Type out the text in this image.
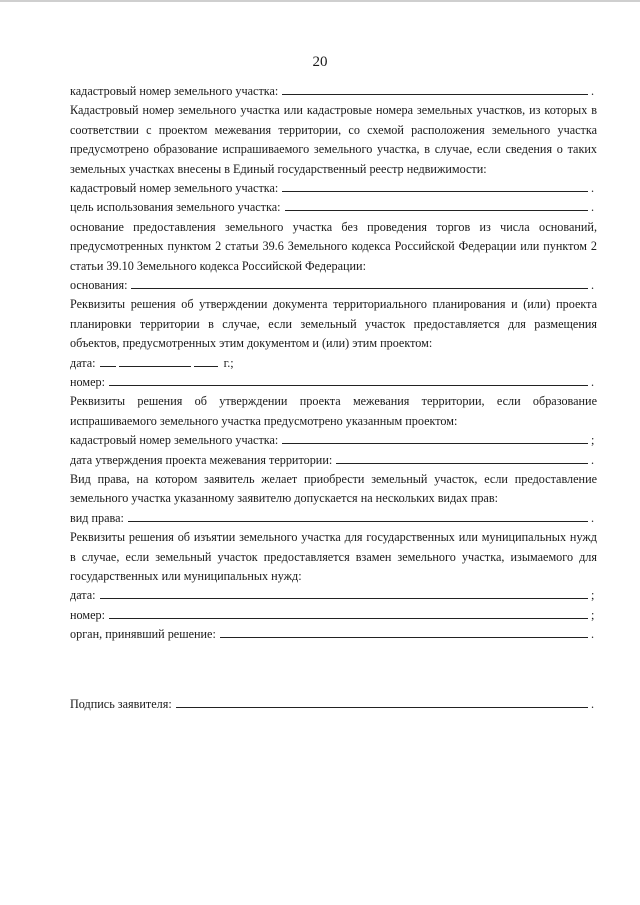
20
кадастровый номер земельного участка:	.

Кадастровый номер земельного участка или кадастровые номера земельных участков, из которых в соответствии с проектом межевания территории, со схемой расположения земельного участка предусмотрено образование испрашиваемого земельного участка, в случае, если сведения о таких земельных участках внесены в Единый государственный реестр недвижимости:

кадастровый номер земельного участка:	.
цель использования земельного участка:	.

основание предоставления земельного участка без проведения торгов из числа оснований, предусмотренных пунктом 2 статьи 39.6 Земельного кодекса Российской Федерации или пунктом 2 статьи 39.10 Земельного кодекса Российской Федерации:

основания:	.

Реквизиты решения об утверждении документа территориального планирования и (или) проекта планировки территории в случае, если земельный участок предоставляется для размещения объектов, предусмотренных этим документом и (или) этим проектом:

дата:	г.;
номер:	.

Реквизиты решения об утверждении проекта межевания территории, если образование испрашиваемого земельного участка предусмотрено указанным проектом:

кадастровый номер земельного участка:	;
дата утверждения проекта межевания территории:	.

Вид права, на котором заявитель желает приобрести земельный участок, если предоставление земельного участка указанному заявителю допускается на нескольких видах прав:

вид права:	.

Реквизиты решения об изъятии земельного участка для государственных или муниципальных нужд в случае, если земельный участок предоставляется взамен земельного участка, изымаемого для государственных или муниципальных нужд:

дата:	;
номер:	;
орган, принявший решение:	.
Подпись заявителя:	.
